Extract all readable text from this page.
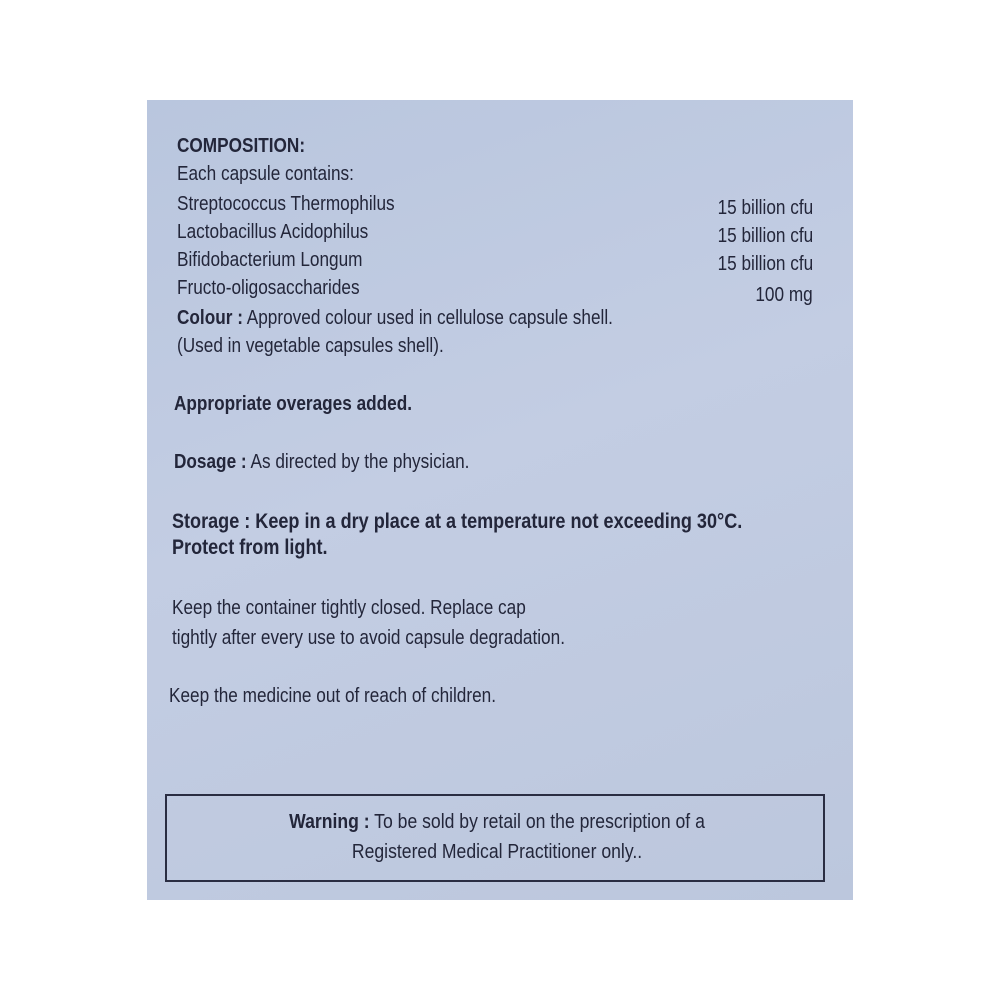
COMPOSITION:
Each capsule contains:
Streptococcus Thermophilus	15 billion cfu
Lactobacillus Acidophilus	15 billion cfu
Bifidobacterium Longum	15 billion cfu
Fructo-oligosaccharides	100 mg
Colour : Approved colour used in cellulose capsule shell.
(Used in vegetable capsules shell).
Appropriate overages added.
Dosage : As directed by the physician.
Storage : Keep in a dry place at a temperature not exceeding 30°C.
Protect from light.
Keep the container tightly closed. Replace cap
tightly after every use to avoid capsule degradation.
Keep the medicine out of reach of children.
Warning : To be sold by retail on the prescription of a
Registered Medical Practitioner only..
